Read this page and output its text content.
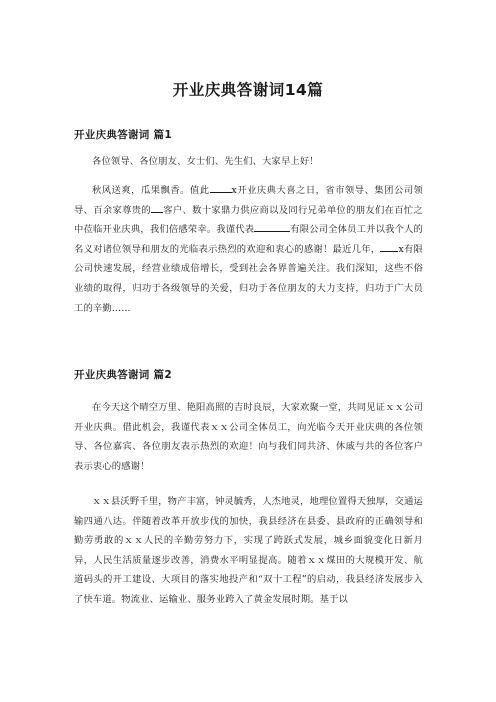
开业庆典答谢词14篇
开业庆典答谢词 篇1
各位领导、各位朋友、女士们、先生们、大家早上好！
秋风送爽，瓜果飘香。值此 x开业庆典大喜之日，省市领导、集团公司领导、百余家尊贵的 客户、数十家鼎力供应商以及同行兄弟单位的朋友们在百忙之中莅临开业庆典，我们倍感荣幸。我谨代表	有限公司全体员工并以我个人的名义对诸位领导和朋友的光临表示热烈的欢迎和衷心的感谢！最近几年， x有限公司快速发展，经营业绩成倍增长，受到社会各界普遍关注。我们深知，这些不俗业绩的取得，归功于各级领导的关爱，归功于各位朋友的大力支持，归功于广大员工的辛勤……
开业庆典答谢词 篇2
在今天这个晴空万里、艳阳高照的吉时良辰，大家欢聚一堂，共同见证ｘｘ公司开业庆典。借此机会，我谨代表ｘｘ公司全体员工，向光临今天开业庆典的各位领导、各位嘉宾、各位朋友表示热烈的欢迎！向与我们同共济、休戚与共的各位客户表示衷心的感谢！
ｘｘ县沃野千里，物产丰富，钟灵毓秀，人杰地灵，地理位置得天独厚，交通运输四通八达。伴随着改革开放步伐的加快，我县经济在县委、县政府的正确领导和勤劳勇敢的ｘｘ人民的辛勤劳努力下，实现了跨跃式发展，城乡面貌变化日新月异，人民生活质量逐步改善，消费水平明显提高。随着ｘｘ煤田的大规模开发、航道码头的开工建设、大项目的落实地投产和“双十工程”的启动，我县经济发展步入了快车道。物流业、运输业、服务业跨入了黄金发展时期。基于以
